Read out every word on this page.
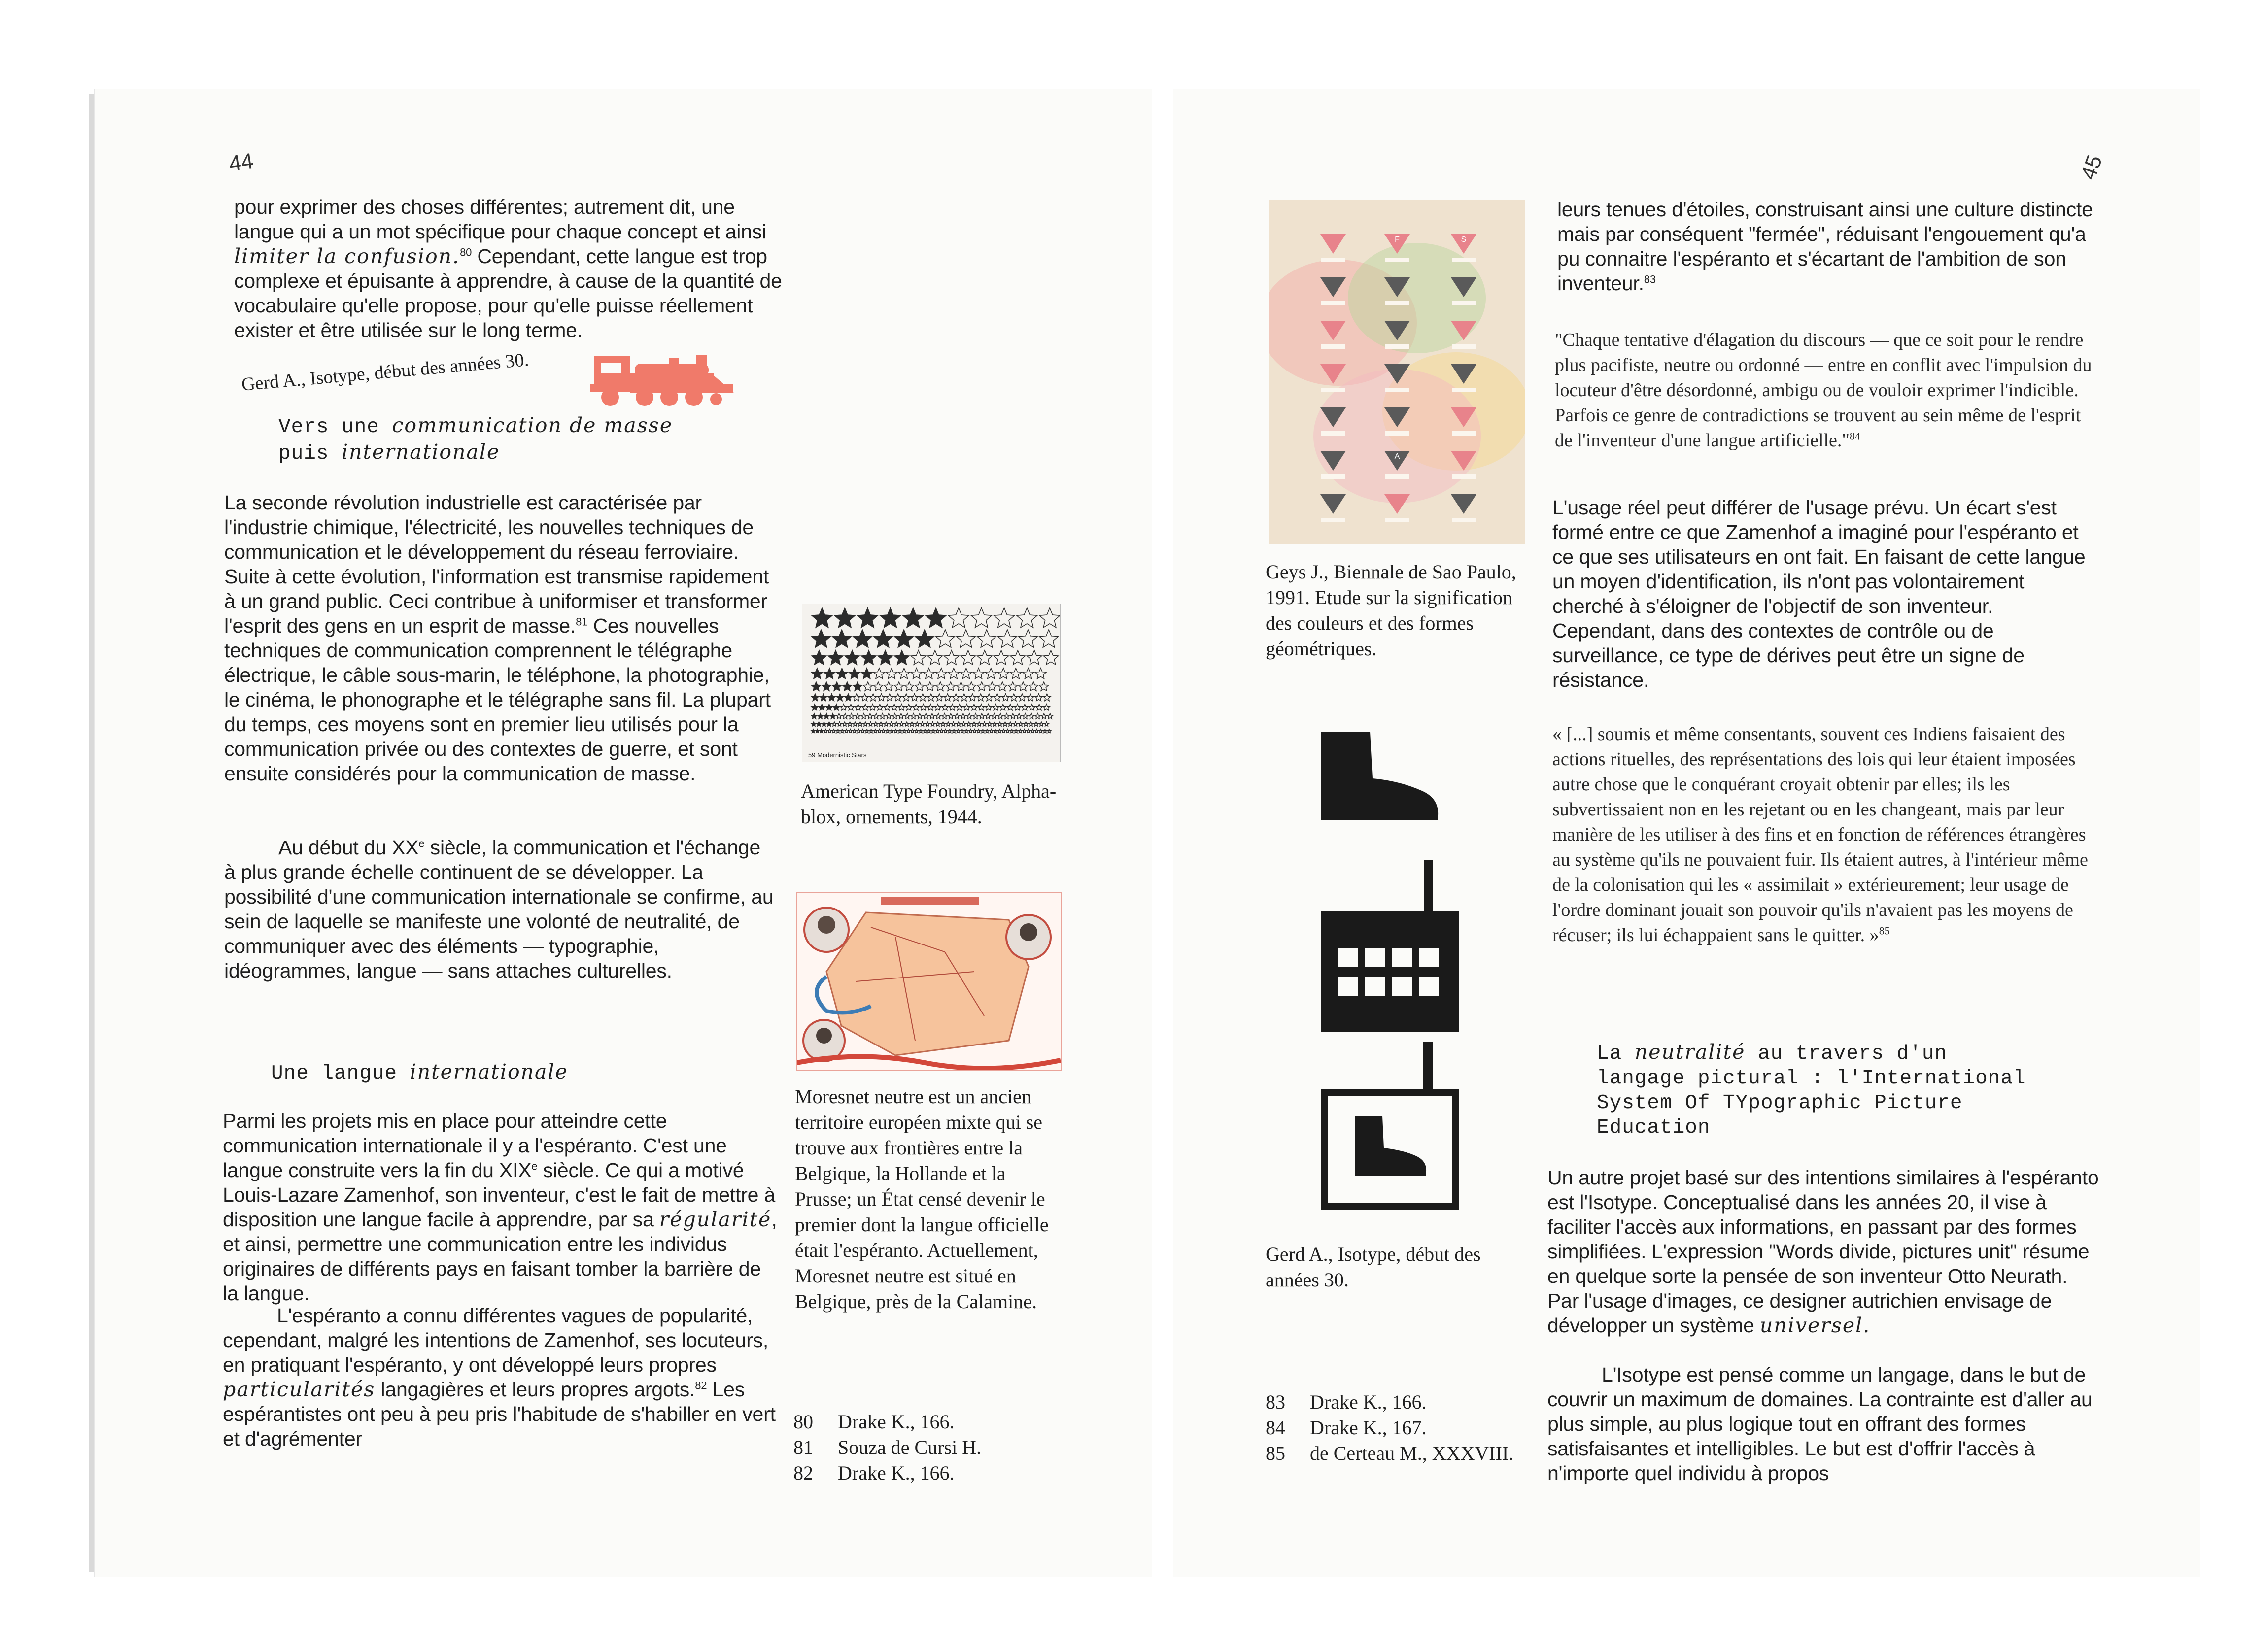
44
pour exprimer des choses différentes; autrement dit, une langue qui a un mot spécifique pour chaque concept et ainsi limiter la confusion.$^{80}$ Cependant, cette langue est trop complexe et épuisante à apprendre, à cause de la quantité de vocabulaire qu'elle propose, pour qu'elle puisse réellement exister et être utilisée sur le long terme.
Gerd A., Isotype, début des années 30.
Vers une communication de masse
puis internationale
La seconde révolution industrielle est caractérisée par l'industrie chimique, l'électricité, les nouvelles techniques de communication et le développement du réseau ferroviaire. Suite à cette évolution, l'information est transmise rapidement à un grand public. Ceci contribue à uniformiser et transformer l'esprit des gens en un esprit de masse.$^{81}$ Ces nouvelles techniques de communication comprennent le télégraphe électrique, le câble sous-marin, le téléphone, la photographie, le cinéma, le phonographe et le télégraphe sans fil. La plupart du temps, ces moyens sont en premier lieu utilisés pour la communication privée ou des contextes de guerre, et sont ensuite considérés pour la communication de masse.
Au début du XXe siècle, la communication et l'échange à plus grande échelle continuent de se développer. La possibilité d'une communication internationale se confirme, au sein de laquelle se manifeste une volonté de neutralité, de communiquer avec des éléments — typographie, idéogrammes, langue — sans attaches culturelles.
Une langue internationale
Parmi les projets mis en place pour atteindre cette communication internationale il y a l'espéranto. C'est une langue construite vers la fin du XIXe siècle. Ce qui a motivé Louis-Lazare Zamenhof, son inventeur, c'est le fait de mettre à disposition une langue facile à apprendre, par sa régularité, et ainsi, permettre une communication entre les individus originaires de différents pays en faisant tomber la barrière de la langue.
L'espéranto a connu différentes vagues de popularité, cependant, malgré les intentions de Zamenhof, ses locuteurs, en pratiquant l'espéranto, y ont développé leurs propres particularités langagières et leurs propres argots.$^{82}$ Les espérantistes ont peu à peu pris l'habitude de s'habiller en vert et d'agrémenter
59 Modernistic Stars
American Type Foundry, Alpha-blox, ornements, 1944.
Moresnet neutre est un ancien territoire européen mixte qui se trouve aux frontières entre la Belgique, la Hollande et la Prusse; un État censé devenir le premier dont la langue officielle était l'espéranto. Actuellement, Moresnet neutre est situé en Belgique, près de la Calamine.
80	Drake K., 166.
81	Souza de Cursi H.
82	Drake K., 166.
45
F	S
A
Geys J., Biennale de Sao Paulo, 1991. Etude sur la signification des couleurs et des formes géométriques.
Gerd A., Isotype, début des années 30.
83	Drake K., 166.
84	Drake K., 167.
85	de Certeau M., XXXVIII.
leurs tenues d'étoiles, construisant ainsi une culture distincte mais par conséquent "fermée", réduisant l'engouement qu'a pu connaitre l'espéranto et s'écartant de l'ambition de son inventeur.$^{83}$
"Chaque tentative d'élagation du discours — que ce soit pour le rendre plus pacifiste, neutre ou ordonné — entre en conflit avec l'impulsion du locuteur d'être désordonné, ambigu ou de vouloir exprimer l'indicible. Parfois ce genre de contradictions se trouvent au sein même de l'esprit de l'inventeur d'une langue artificielle."$^{84}$
L'usage réel peut différer de l'usage prévu. Un écart s'est formé entre ce que Zamenhof a imaginé pour l'espéranto et ce que ses utilisateurs en ont fait. En faisant de cette langue un moyen d'identification, ils n'ont pas volontairement cherché à s'éloigner de l'objectif de son inventeur. Cependant, dans des contextes de contrôle ou de surveillance, ce type de dérives peut être un signe de résistance.
« [...] soumis et même consentants, souvent ces Indiens faisaient des actions rituelles, des représentations des lois qui leur étaient imposées autre chose que le conquérant croyait obtenir par elles; ils les subvertissaient non en les rejetant ou en les changeant, mais par leur manière de les utiliser à des fins et en fonction de références étrangères au système qu'ils ne pouvaient fuir. Ils étaient autres, à l'intérieur même de la colonisation qui les « assimilait » extérieurement; leur usage de l'ordre dominant jouait son pouvoir qu'ils n'avaient pas les moyens de récuser; ils lui échappaient sans le quitter. »$^{85}$
La neutralité au travers d'un langage pictural : l'International System Of TYpographic Picture Education
Un autre projet basé sur des intentions similaires à l'espéranto est l'Isotype. Conceptualisé dans les années 20, il vise à faciliter l'accès aux informations, en passant par des formes simplifiées. L'expression "Words divide, pictures unit" résume en quelque sorte la pensée de son inventeur Otto Neurath. Par l'usage d'images, ce designer autrichien envisage de développer un système universel.
L'Isotype est pensé comme un langage, dans le but de couvrir un maximum de domaines. La contrainte est d'aller au plus simple, au plus logique tout en offrant des formes satisfaisantes et intelligibles. Le but est d'offrir l'accès à n'importe quel individu à propos
